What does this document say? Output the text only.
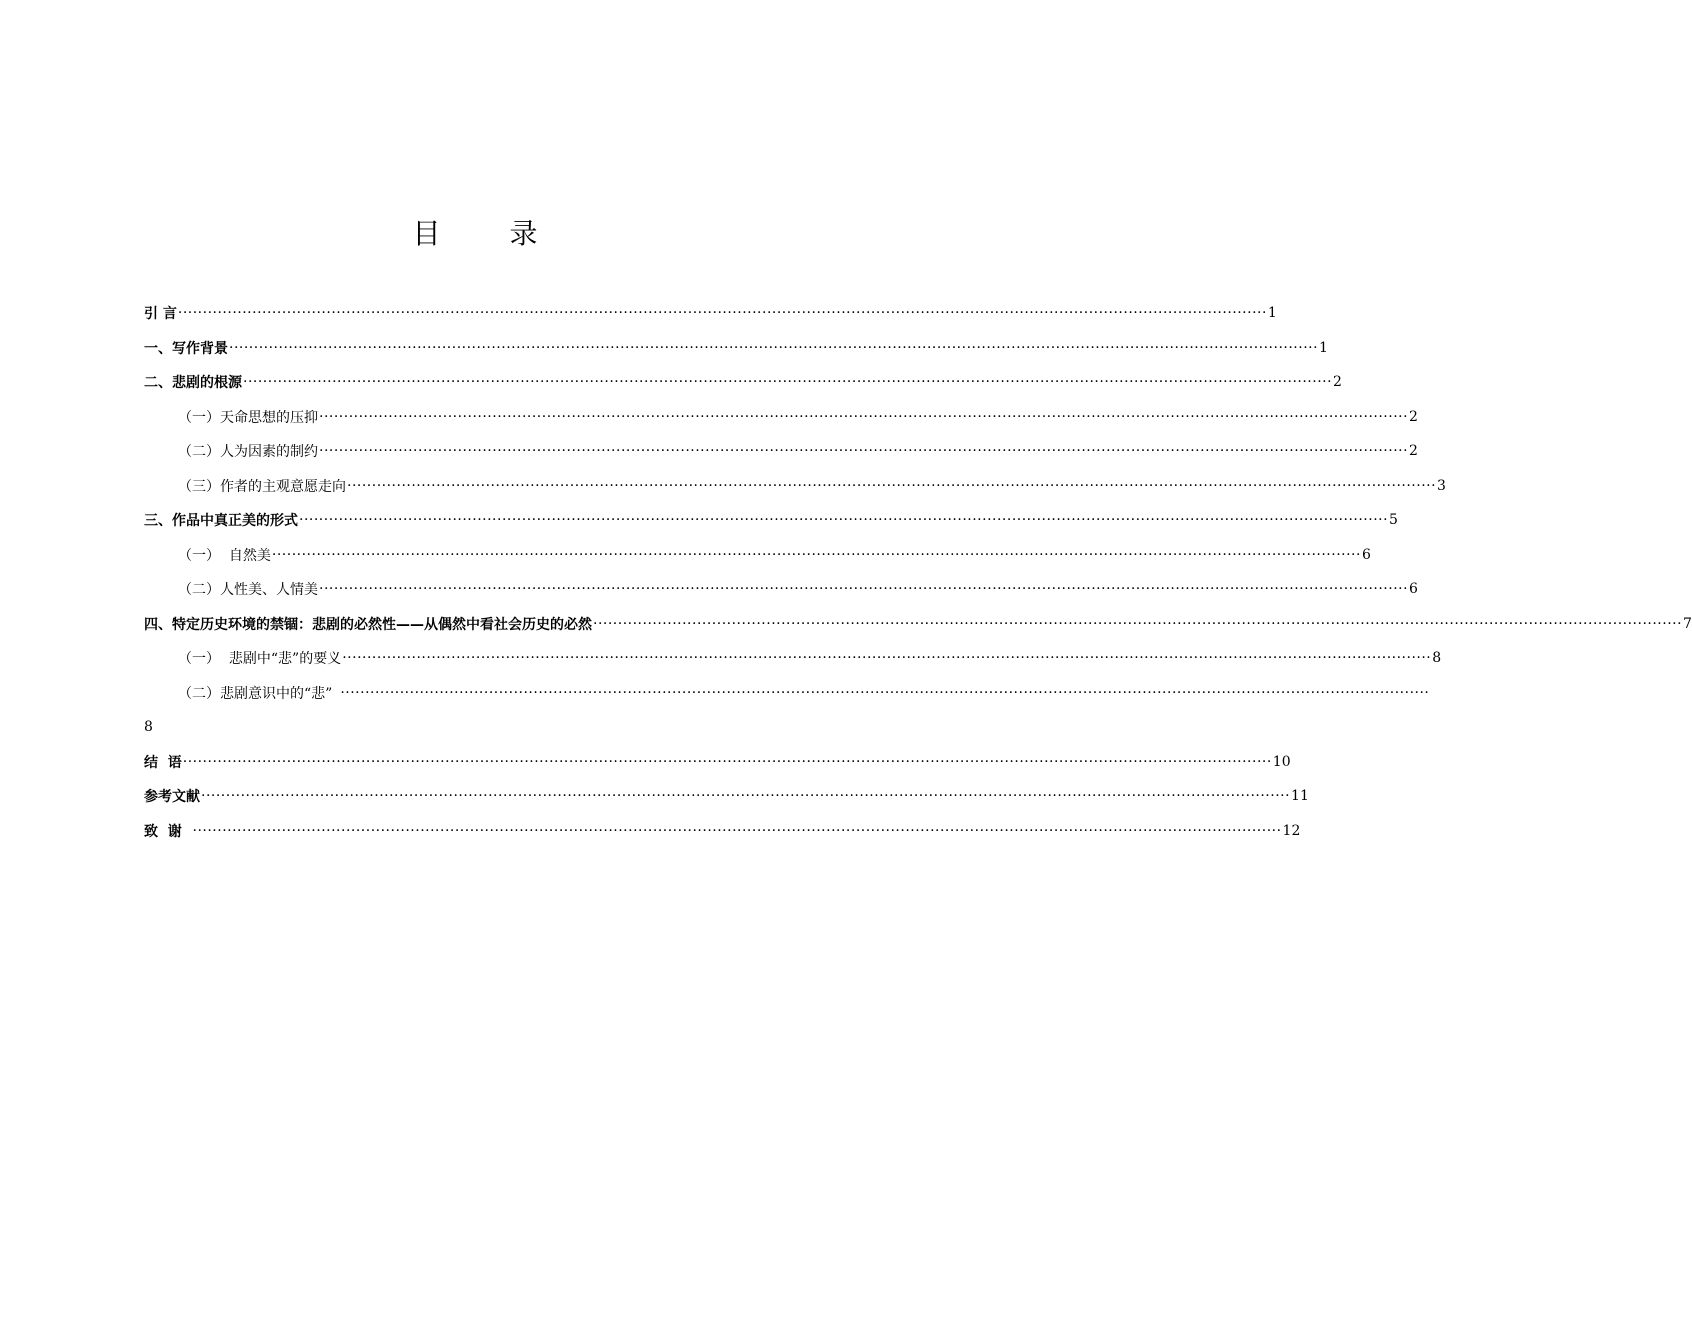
目 录
引 言 ···························································································································································································································· 1
一、写作背景 ···························································································································································································································· 1
二、悲剧的根源 ···························································································································································································································· 2
（一）天命思想的压抑 ···························································································································································································································· 2
（二）人为因素的制约 ···························································································································································································································· 2
（三）作者的主观意愿走向 ···························································································································································································································· 3
三、作品中真正美的形式 ···························································································································································································································· 5
（一）  自然美 ···························································································································································································································· 6
（二）人性美、人情美 ···························································································································································································································· 6
四、特定历史环境的禁锢：悲剧的必然性——从偶然中看社会历史的必然 ···························································································································································································································· 7
（一）  悲剧中“悲”的要义 ···························································································································································································································· 8
（二）悲剧意识中的“悲” ····························································································································································································································
8
结  语 ···························································································································································································································· 10
参考文献 ···························································································································································································································· 11
致  谢 ···························································································································································································································· 12
